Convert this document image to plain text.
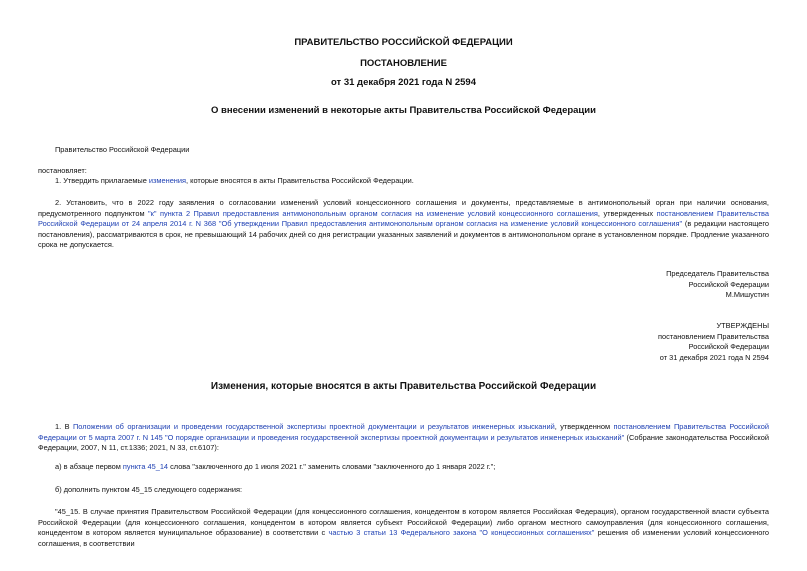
ПРАВИТЕЛЬСТВО РОССИЙСКОЙ ФЕДЕРАЦИИ
ПОСТАНОВЛЕНИЕ
от 31 декабря 2021 года N 2594
О внесении изменений в некоторые акты Правительства Российской Федерации
Правительство Российской Федерации
постановляет:
1. Утвердить прилагаемые изменения, которые вносятся в акты Правительства Российской Федерации.
2. Установить, что в 2022 году заявления о согласовании изменений условий концессионного соглашения и документы, представляемые в антимонопольный орган при наличии основания, предусмотренного подпунктом "к" пункта 2 Правил предоставления антимонопольным органом согласия на изменение условий концессионного соглашения, утвержденных постановлением Правительства Российской Федерации от 24 апреля 2014 г. N 368 "Об утверждении Правил предоставления антимонопольным органом согласия на изменение условий концессионного соглашения" (в редакции настоящего постановления), рассматриваются в срок, не превышающий 14 рабочих дней со дня регистрации указанных заявлений и документов в антимонопольном органе в установленном порядке. Продление указанного срока не допускается.
Председатель Правительства
Российской Федерации
М.Мишустин
УТВЕРЖДЕНЫ
постановлением Правительства
Российской Федерации
от 31 декабря 2021 года N 2594
Изменения, которые вносятся в акты Правительства Российской Федерации
1. В Положении об организации и проведении государственной экспертизы проектной документации и результатов инженерных изысканий, утвержденном постановлением Правительства Российской Федерации от 5 марта 2007 г. N 145 "О порядке организации и проведения государственной экспертизы проектной документации и результатов инженерных изысканий" (Собрание законодательства Российской Федерации, 2007, N 11, ст.1336; 2021, N 33, ст.6107):
а) в абзаце первом пункта 45_14 слова "заключенного до 1 июля 2021 г." заменить словами "заключенного до 1 января 2022 г.";
б) дополнить пунктом 45_15 следующего содержания:
"45_15. В случае принятия Правительством Российской Федерации (для концессионного соглашения, концедентом в котором является Российская Федерация), органом государственной власти субъекта Российской Федерации (для концессионного соглашения, концедентом в котором является субъект Российской Федерации) либо органом местного самоуправления (для концессионного соглашения, концедентом в котором является муниципальное образование) в соответствии с частью 3 статьи 13 Федерального закона "О концессионных соглашениях" решения об изменении условий концессионного соглашения, в соответствии
